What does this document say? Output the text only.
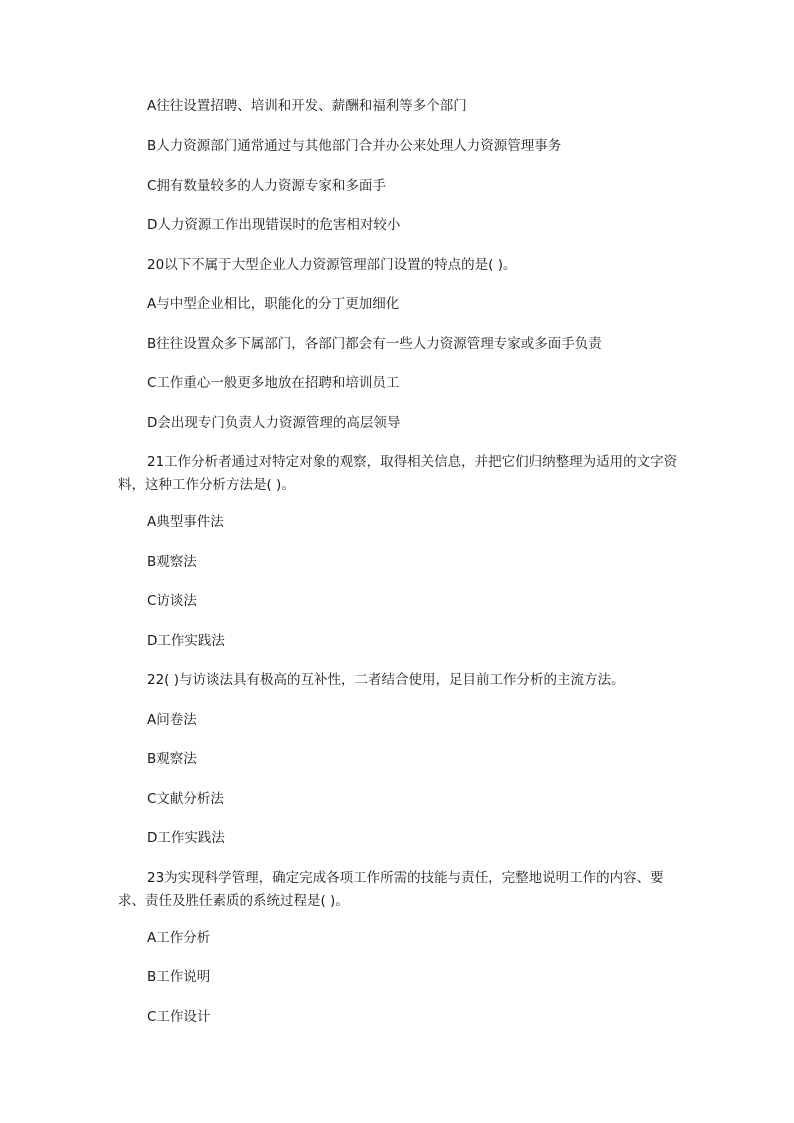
A往往设置招聘、培训和开发、薪酬和福利等多个部门
B人力资源部门通常通过与其他部门合并办公来处理人力资源管理事务
C拥有数量较多的人力资源专家和多面手
D人力资源工作出现错误时的危害相对较小
20以下不属于大型企业人力资源管理部门设置的特点的是( )。
A与中型企业相比，职能化的分丁更加细化
B往往设置众多下属部门，各部门都会有一些人力资源管理专家或多面手负责
C工作重心一般更多地放在招聘和培训员工
D会出现专门负责人力资源管理的高层领导
21工作分析者通过对特定对象的观察，取得相关信息，并把它们归纳整理为适用的文字资料，这种工作分析方法是( )。
A典型事件法
B观察法
C访谈法
D工作实践法
22( )与访谈法具有极高的互补性，二者结合使用，足目前工作分析的主流方法。
A问卷法
B观察法
C文献分析法
D工作实践法
23为实现科学管理，确定完成各项工作所需的技能与责任，完整地说明工作的内容、要求、责任及胜任素质的系统过程是( )。
A工作分析
B工作说明
C工作设计
